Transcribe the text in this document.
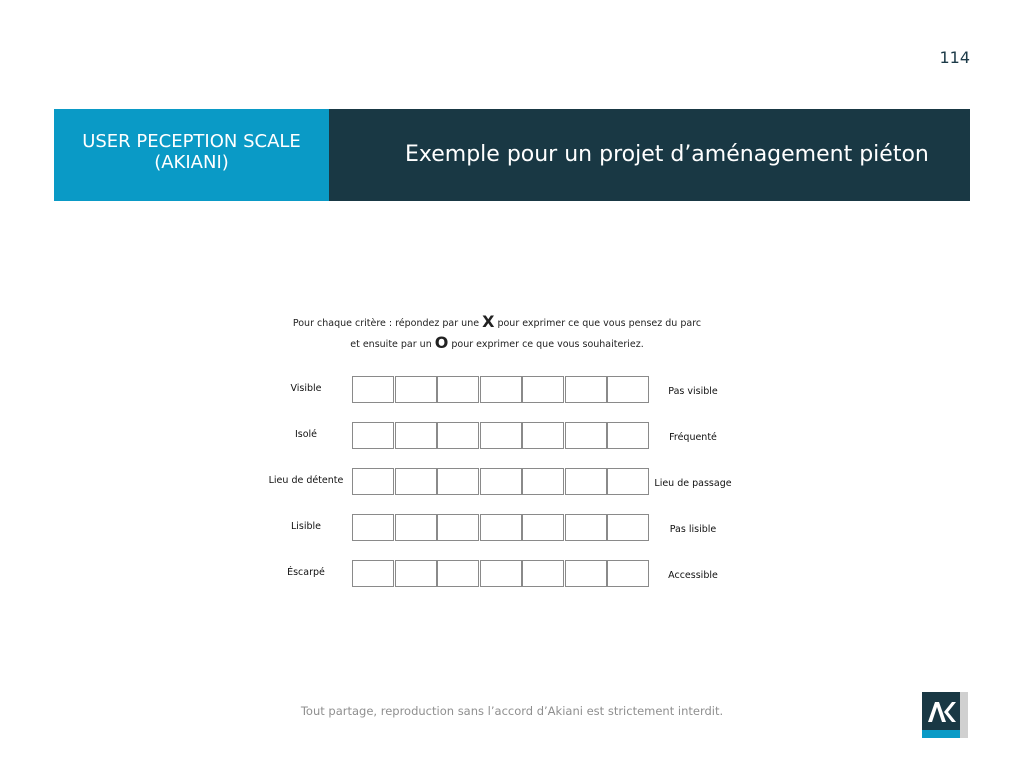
114
USER PECEPTION SCALE
(AKIANI)	Exemple pour un projet d’aménagement piéton
Pour chaque critère : répondez par une X pour exprimer ce que vous pensez du parc
et ensuite par un O pour exprimer ce que vous souhaiteriez.
Visible	Pas visible
Isolé	Fréquenté
Lieu de détente	Lieu de passage
Lisible	Pas lisible
Éscarpé	Accessible
Tout partage, reproduction sans l’accord d’Akiani est strictement interdit.
